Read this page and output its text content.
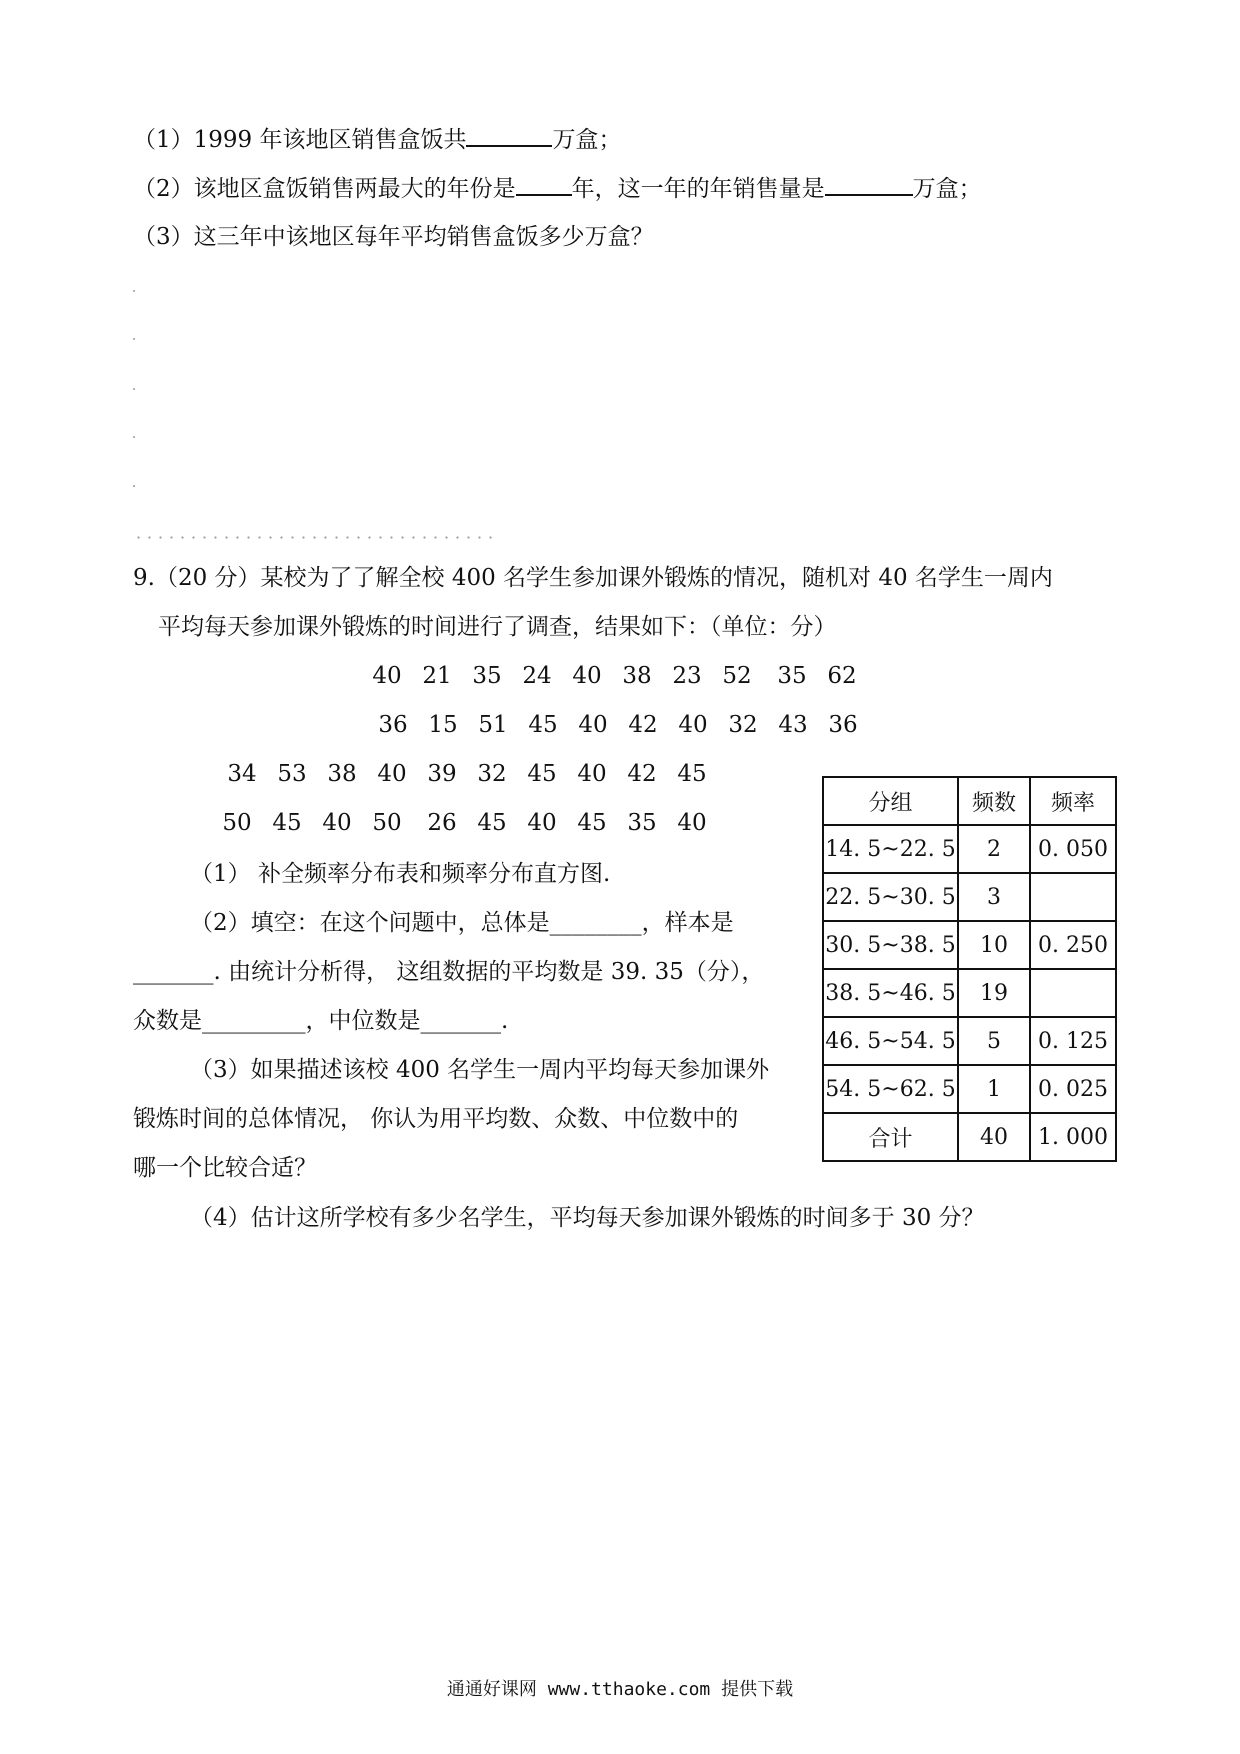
（1）1999 年该地区销售盒饭共	万盒；
（2）该地区盒饭销售两最大的年份是 年，这一年的年销售量是	万盒；
（3）这三年中该地区每年平均销售盒饭多少万盒？
9.（20 分）某校为了了解全校 400 名学生参加课外锻炼的情况，随机对 40 名学生一周内
平均每天参加课外锻炼的时间进行了调查，结果如下：（单位：分）
40 21 35 24 40 38 23 52	35 62
36 15 51 45 40 42 40 32 43 36
34 53 38 40 39 32 45 40 42 45
50 45 40 50	26 45 40 45 35 40
（1） 补全频率分布表和频率分布直方图.
（2）填空：在这个问题中，总体是________，样本是
_______. 由统计分析得， 这组数据的平均数是 39. 35（分），
众数是_________，中位数是_______.
（3）如果描述该校 400 名学生一周内平均每天参加课外
锻炼时间的总体情况， 你认为用平均数、众数、中位数中的
哪一个比较合适？
（4）估计这所学校有多少名学生，平均每天参加课外锻炼的时间多于 30 分？
分组	频数	频率
14. 5~22. 5	2	0. 050
22. 5~30. 5	3	
30. 5~38. 5	10	0. 250
38. 5~46. 5	19	
46. 5~54. 5	5	0. 125
54. 5~62. 5	1	0. 025
合计	40	1. 000
通通好课网 www.tthaoke.com 提供下载
